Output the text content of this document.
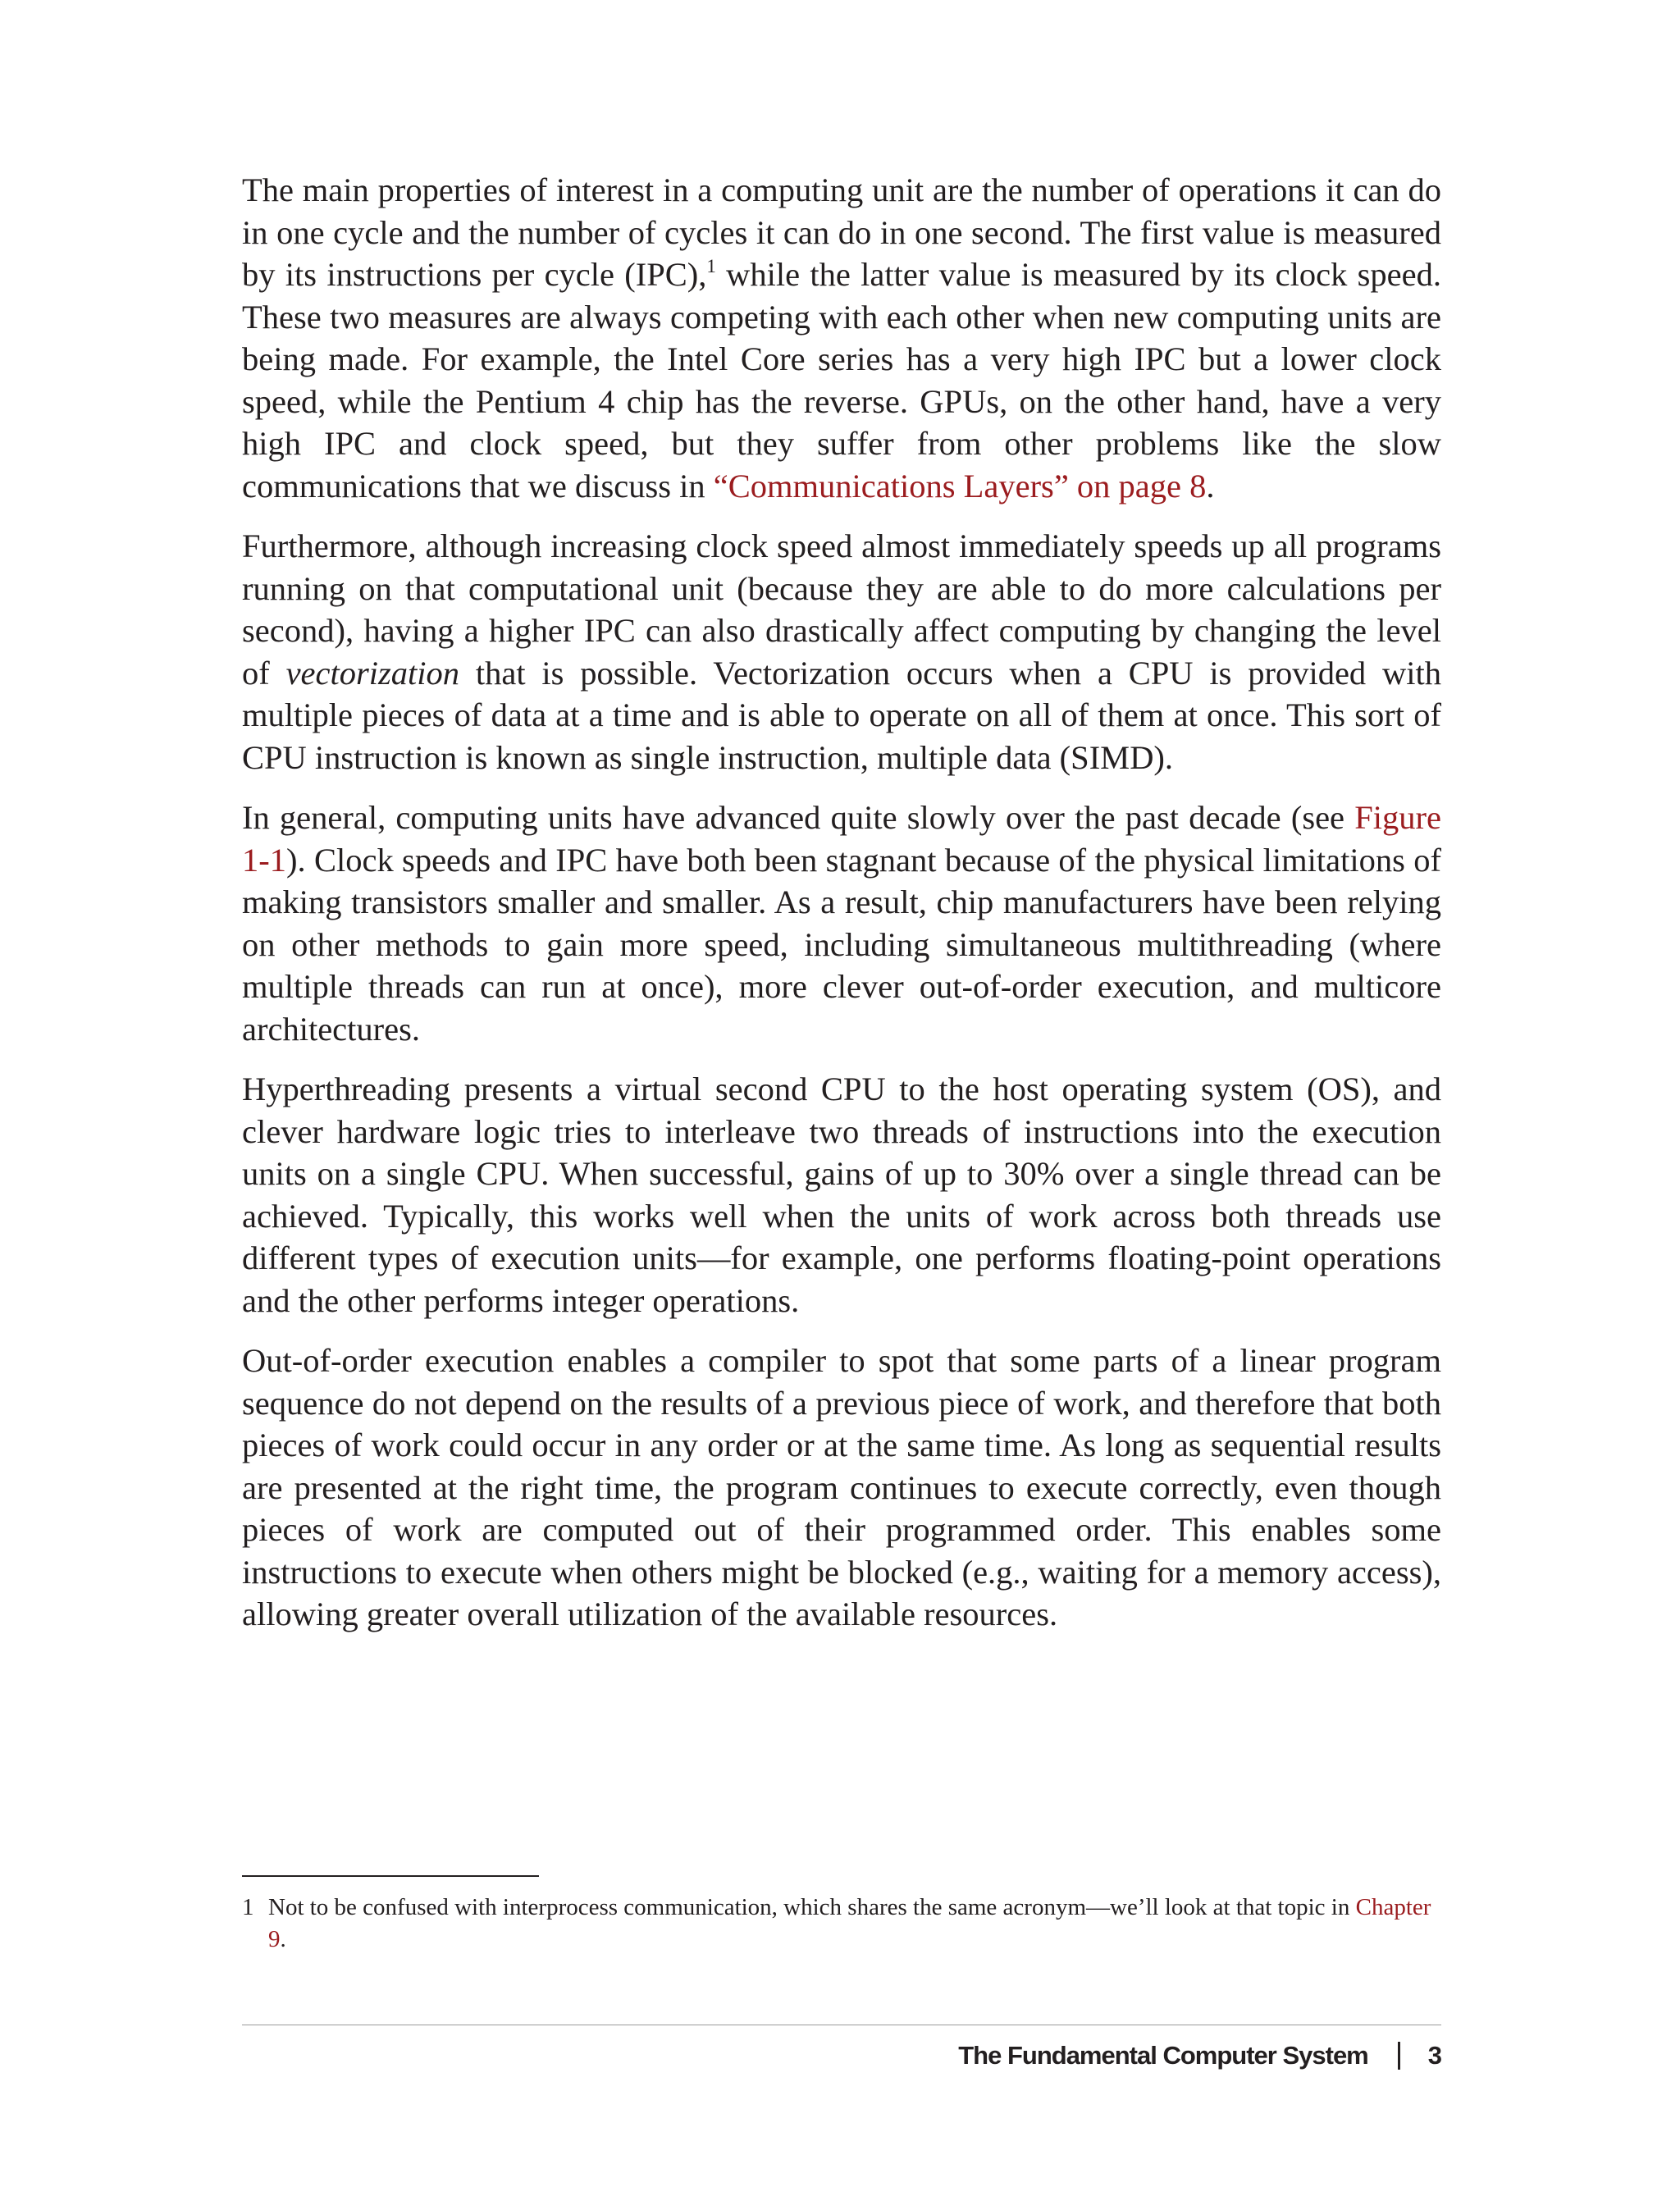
The main properties of interest in a computing unit are the number of operations it can do in one cycle and the number of cycles it can do in one second. The first value is measured by its instructions per cycle (IPC),$^1$ while the latter value is measured by its clock speed. These two measures are always competing with each other when new computing units are being made. For example, the Intel Core series has a very high IPC but a lower clock speed, while the Pentium 4 chip has the reverse. GPUs, on the other hand, have a very high IPC and clock speed, but they suffer from other problems like the slow communications that we discuss in “Communications Layers” on page 8.

Furthermore, although increasing clock speed almost immediately speeds up all programs running on that computational unit (because they are able to do more calculations per second), having a higher IPC can also drastically affect computing by changing the level of vectorization that is possible. Vectorization occurs when a CPU is provided with multiple pieces of data at a time and is able to operate on all of them at once. This sort of CPU instruction is known as single instruction, multiple data (SIMD).

In general, computing units have advanced quite slowly over the past decade (see Figure 1-1). Clock speeds and IPC have both been stagnant because of the physical limitations of making transistors smaller and smaller. As a result, chip manufacturers have been relying on other methods to gain more speed, including simultaneous multithreading (where multiple threads can run at once), more clever out-of-order execution, and multicore architectures.

Hyperthreading presents a virtual second CPU to the host operating system (OS), and clever hardware logic tries to interleave two threads of instructions into the execution units on a single CPU. When successful, gains of up to 30% over a single thread can be achieved. Typically, this works well when the units of work across both threads use different types of execution units—for example, one performs floating-point operations and the other performs integer operations.

Out-of-order execution enables a compiler to spot that some parts of a linear program sequence do not depend on the results of a previous piece of work, and therefore that both pieces of work could occur in any order or at the same time. As long as sequential results are presented at the right time, the program continues to execute correctly, even though pieces of work are computed out of their programmed order. This enables some instructions to execute when others might be blocked (e.g., waiting for a memory access), allowing greater overall utilization of the available resources.

1 Not to be confused with interprocess communication, which shares the same acronym—we’ll look at that topic in Chapter 9.
The Fundamental Computer System 3
